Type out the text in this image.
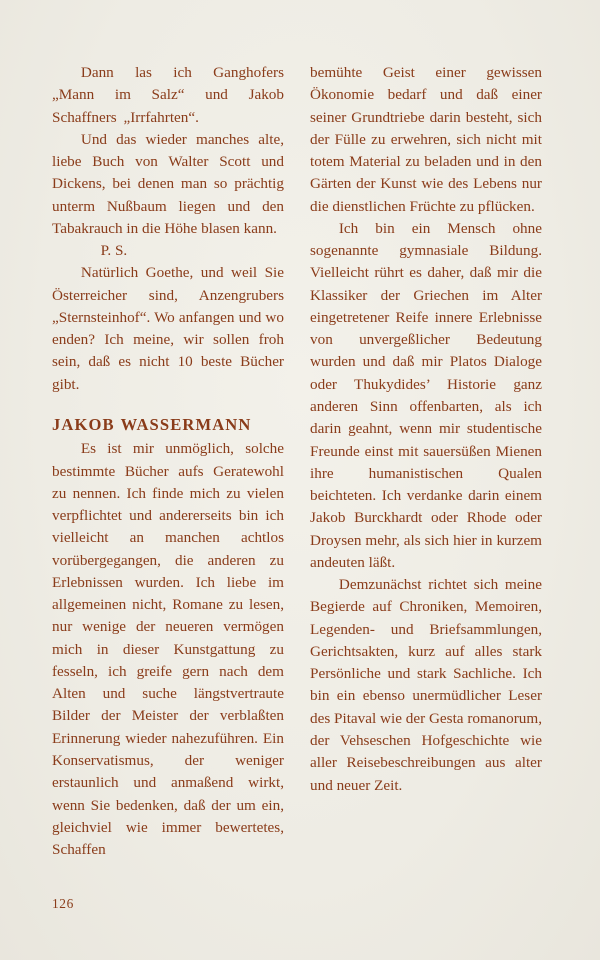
Dann las ich Ganghofers „Mann im Salz“ und Jakob Schaffners „Irrfahrten“.

Und das wieder manches alte, liebe Buch von Walter Scott und Dickens, bei denen man so prächtig unterm Nußbaum liegen und den Tabakrauch in die Höhe blasen kann.

P. S.

Natürlich Goethe, und weil Sie Österreicher sind, Anzengrubers „Sternsteinhof“. Wo anfangen und wo enden? Ich meine, wir sollen froh sein, daß es nicht 10 beste Bücher gibt.

JAKOB WASSERMANN

Es ist mir unmöglich, solche bestimmte Bücher aufs Geratewohl zu nennen. Ich finde mich zu vielen verpflichtet und andererseits bin ich vielleicht an manchen achtlos vorübergegangen, die anderen zu Erlebnissen wurden. Ich liebe im allgemeinen nicht, Romane zu lesen, nur wenige der neueren vermögen mich in dieser Kunstgattung zu fesseln, ich greife gern nach dem Alten und suche längstvertraute Bilder der Meister der verblaßten Erinnerung wieder nahezuführen. Ein Konservatismus, der weniger erstaunlich und anmaßend wirkt, wenn Sie bedenken, daß der um ein, gleichviel wie immer bewertetes, Schaffen

bemühte Geist einer gewissen Ökonomie bedarf und daß einer seiner Grundtriebe darin besteht, sich der Fülle zu erwehren, sich nicht mit totem Material zu beladen und in den Gärten der Kunst wie des Lebens nur die dienstlichen Früchte zu pflücken.

Ich bin ein Mensch ohne sogenannte gymnasiale Bildung. Vielleicht rührt es daher, daß mir die Klassiker der Griechen im Alter eingetretener Reife innere Erlebnisse von unvergeßlicher Bedeutung wurden und daß mir Platos Dialoge oder Thukydides’ Historie ganz anderen Sinn offenbarten, als ich darin geahnt, wenn mir studentische Freunde einst mit sauersüßen Mienen ihre humanistischen Qualen beichteten. Ich verdanke darin einem Jakob Burckhardt oder Rhode oder Droysen mehr, als sich hier in kurzem andeuten läßt.

Demzunächst richtet sich meine Begierde auf Chroniken, Memoiren, Legenden- und Briefsammlungen, Gerichtsakten, kurz auf alles stark Persönliche und stark Sachliche. Ich bin ein ebenso unermüdlicher Leser des Pitaval wie der Gesta romanorum, der Vehseschen Hofgeschichte wie aller Reisebeschreibungen aus alter und neuer Zeit.

126
